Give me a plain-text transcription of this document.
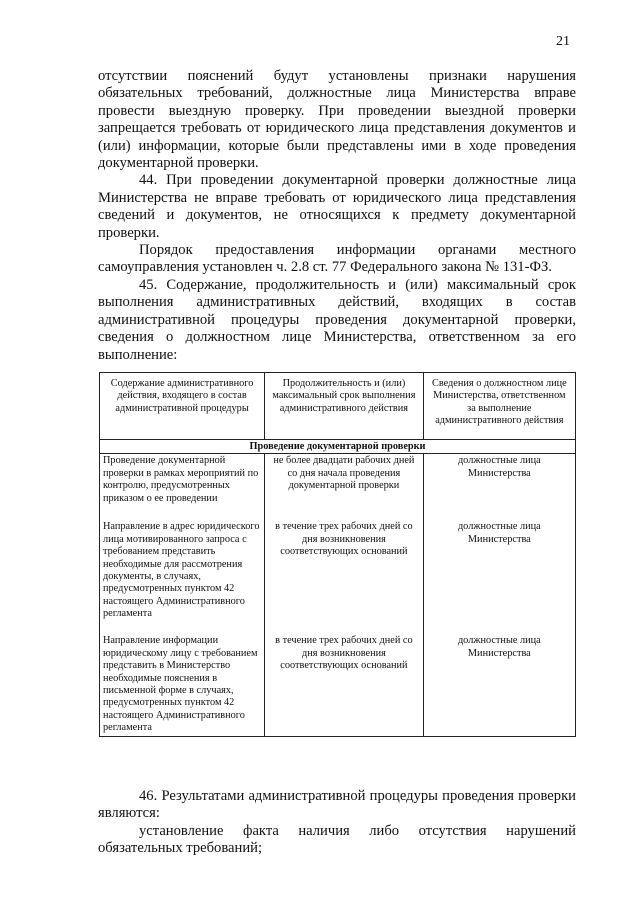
21

отсутствии пояснений будут установлены признаки нарушения обязательных требований, должностные лица Министерства вправе провести выездную проверку. При проведении выездной проверки запрещается требовать от юридического лица представления документов и (или) информации, которые были представлены ими в ходе проведения документарной проверки.

44. При проведении документарной проверки должностные лица Министерства не вправе требовать от юридического лица представления сведений и документов, не относящихся к предмету документарной проверки.

Порядок предоставления информации органами местного самоуправления установлен ч. 2.8 ст. 77 Федерального закона № 131-ФЗ.

45. Содержание, продолжительность и (или) максимальный срок выполнения административных действий, входящих в состав административной процедуры проведения документарной проверки, сведения о должностном лице Министерства, ответственном за его выполнение:

Содержание административного действия, входящего в состав административной процедуры	Продолжительность и (или) максимальный срок выполнения административного действия	Сведения о должностном лице Министерства, ответственном за выполнение административного действия
Проведение документарной проверки		
Проведение документарной проверки в рамках мероприятий по контролю, предусмотренных приказом о ее проведении	не более двадцати рабочих дней со дня начала проведения документарной проверки	должностные лица Министерства
Направление в адрес юридического лица мотивированного запроса с требованием представить необходимые для рассмотрения документы, в случаях, предусмотренных пунктом 42 настоящего Административного регламента	в течение трех рабочих дней со дня возникновения соответствующих оснований	должностные лица Министерства
Направление информации юридическому лицу с требованием представить в Министерство необходимые пояснения в письменной форме в случаях, предусмотренных пунктом 42 настоящего Административного регламента	в течение трех рабочих дней со дня возникновения соответствующих оснований	должностные лица Министерства

46. Результатами административной процедуры проведения проверки являются:

установление факта наличия либо отсутствия нарушений обязательных требований;
